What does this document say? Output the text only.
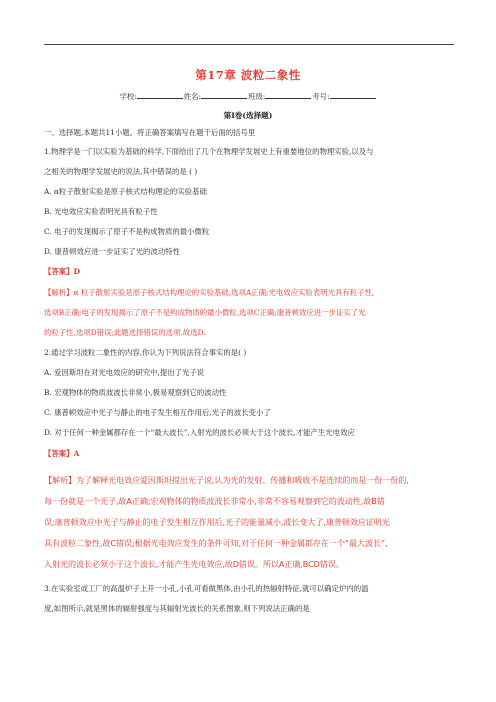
第17章 波粒二象性
学校:	姓名:	班级:	考号:
第I卷(选择题)
一、选择题,本题共11小题。将正确答案填写在题干后面的括号里
1.物理学是一门以实验为基础的科学,下面给出了几个在物理学发展史上有重要地位的物理实验,以及与
之相关的物理学发展史的说法,其中错误的是 ( )
A. α粒子散射实验是原子核式结构理论的实验基础
B. 光电效应实验表明光具有粒子性
C. 电子的发现揭示了原子不是构成物质的最小微粒
D. 康普顿效应进一步证实了光的波动特性
【答案】D
【解析】α 粒子散射实验是原子核式结构理论的实验基础,选项A正确;光电效应实验表明光具有粒子性,
选项B正确;电子的发现揭示了原子不是构成物质的最小微粒,选项C正确;康普顿效应进一步证实了光
的粒子性,选项D错误;此题选择错误的选项,故选D.
2.通过学习波粒二象性的内容,你认为下列说法符合事实的是( )
A. 爱因斯坦在对光电效应的研究中,提出了光子说
B. 宏观物体的物质波波长非常小,极易观察到它的波动性
C. 康普顿效应中光子与静止的电子发生相互作用后,光子的波长变小了
D. 对于任何一种金属都存在一个“最大波长”,入射光的波长必须大于这个波长,才能产生光电效应
【答案】A
【解析】为了解释光电效应爱因斯坦提出光子说,认为光的发射、传播和吸收不是连续的而是一份一份的,
每一份就是一个光子,故A正确;宏观物体的物质波波长非常小,非常不容易观察到它的波动性,故B错
误;康普顿效应中光子与静止的电子发生相互作用后,光子的能量减小,波长变大了,康普顿效应证明光
具有波粒二象性,故C错误;根据光电效应发生的条件可知,对于任何一种金属都存在一个“最大波长”,
入射光的波长必须小于这个波长,才能产生光电效应,故D错误。所以A正确,BCD错误。
3.在实验室或工厂的高温炉子上开一小孔,小孔可看做黑体,由小孔的热辐射特征,就可以确定炉内的温
度,如图所示,就是黑体的辐射强度与其辐射光波长的关系图象,则下列说法正确的是
